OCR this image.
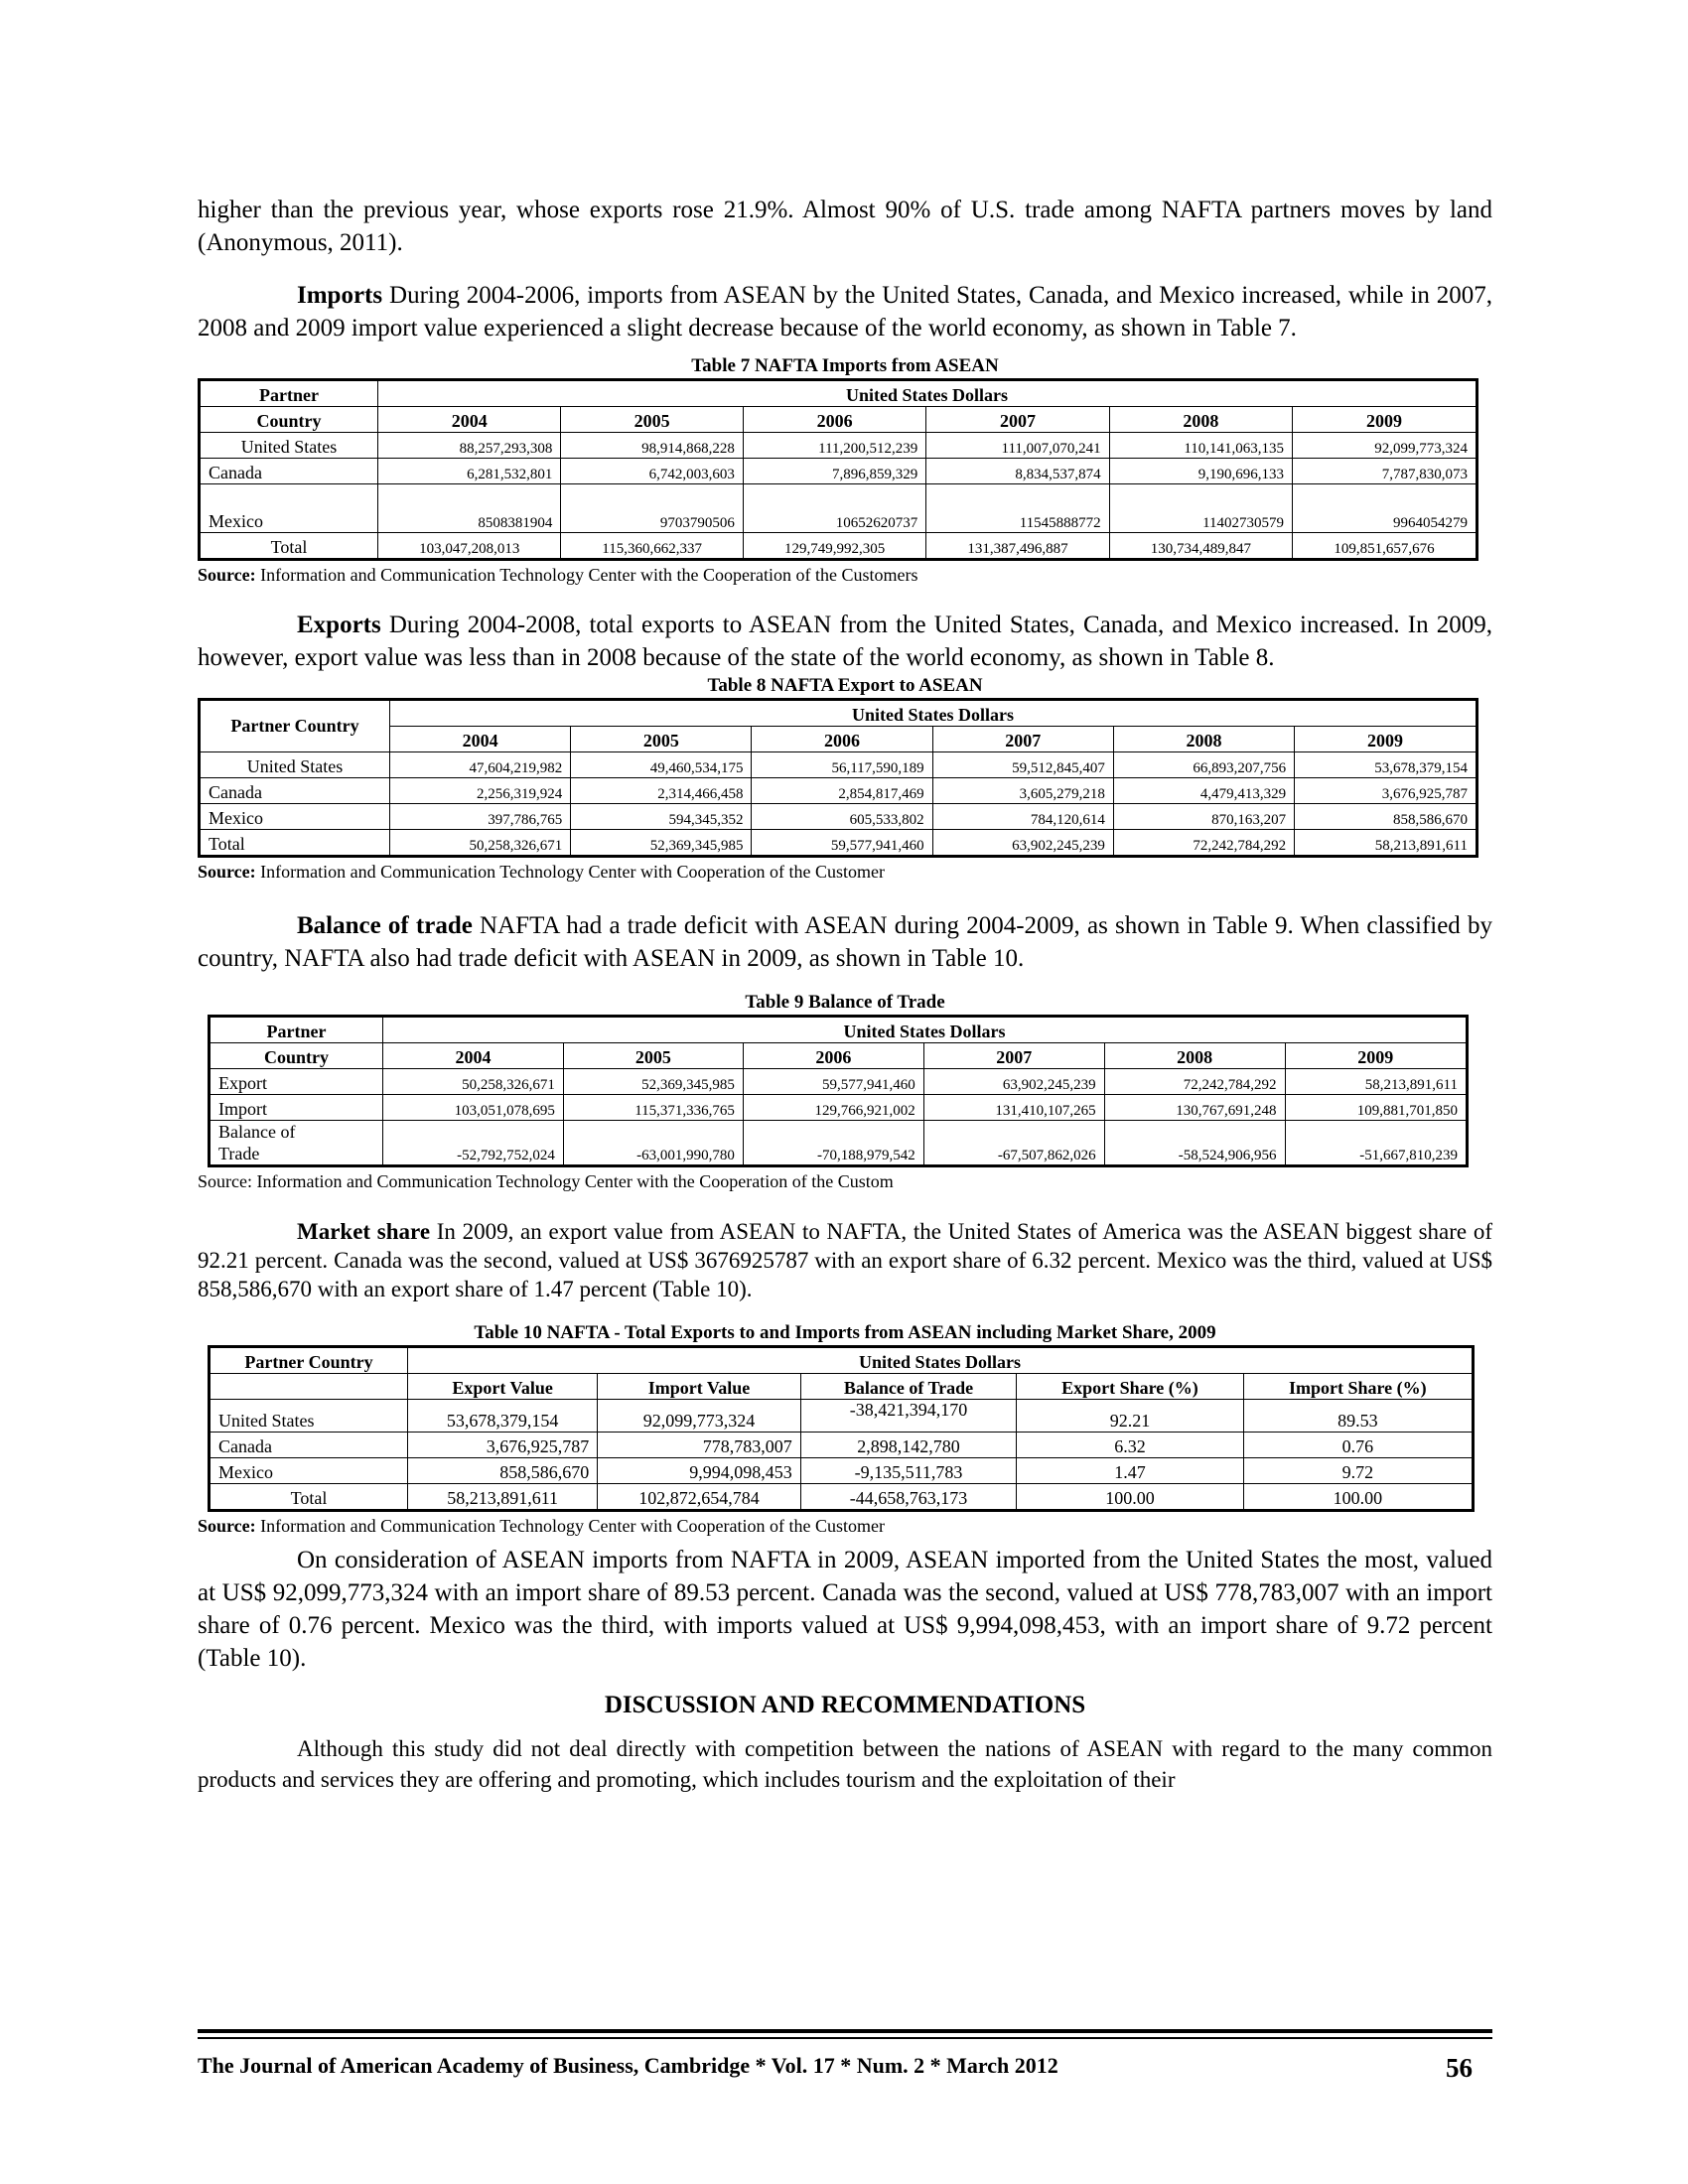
higher than the previous year, whose exports rose 21.9%. Almost 90% of U.S. trade among NAFTA partners moves by land (Anonymous, 2011).

Imports During 2004-2006, imports from ASEAN by the United States, Canada, and Mexico increased, while in 2007, 2008 and 2009 import value experienced a slight decrease because of the world economy, as shown in Table 7.

Table 7 NAFTA Imports from ASEAN

Partner	United States Dollars					
Country	2004	2005	2006	2007	2008	2009
United States	88,257,293,308	98,914,868,228	111,200,512,239	111,007,070,241	110,141,063,135	92,099,773,324
Canada	6,281,532,801	6,742,003,603	7,896,859,329	8,834,537,874	9,190,696,133	7,787,830,073
Mexico	8508381904	9703790506	10652620737	11545888772	11402730579	9964054279
Total	103,047,208,013	115,360,662,337	129,749,992,305	131,387,496,887	130,734,489,847	109,851,657,676

Source: Information and Communication Technology Center with the Cooperation of the Customers

Exports During 2004-2008, total exports to ASEAN from the United States, Canada, and Mexico increased. In 2009, however, export value was less than in 2008 because of the state of the world economy, as shown in Table 8.

Table 8 NAFTA Export to ASEAN

Partner Country	United States Dollars					
	2004	2005	2006	2007	2008	2009
United States	47,604,219,982	49,460,534,175	56,117,590,189	59,512,845,407	66,893,207,756	53,678,379,154
Canada	2,256,319,924	2,314,466,458	2,854,817,469	3,605,279,218	4,479,413,329	3,676,925,787
Mexico	397,786,765	594,345,352	605,533,802	784,120,614	870,163,207	858,586,670
Total	50,258,326,671	52,369,345,985	59,577,941,460	63,902,245,239	72,242,784,292	58,213,891,611

Source: Information and Communication Technology Center with Cooperation of the Customer

Balance of trade NAFTA had a trade deficit with ASEAN during 2004-2009, as shown in Table 9. When classified by country, NAFTA also had trade deficit with ASEAN in 2009, as shown in Table 10.

Table 9 Balance of Trade

Partner	United States Dollars					
Country	2004	2005	2006	2007	2008	2009
Export	50,258,326,671	52,369,345,985	59,577,941,460	63,902,245,239	72,242,784,292	58,213,891,611
Import	103,051,078,695	115,371,336,765	129,766,921,002	131,410,107,265	130,767,691,248	109,881,701,850
Balance of
Trade	-52,792,752,024	-63,001,990,780	-70,188,979,542	-67,507,862,026	-58,524,906,956	-51,667,810,239

Source: Information and Communication Technology Center with the Cooperation of the Custom

Market share In 2009, an export value from ASEAN to NAFTA, the United States of America was the ASEAN biggest share of 92.21 percent. Canada was the second, valued at US$ 3676925787 with an export share of 6.32 percent. Mexico was the third, valued at US$ 858,586,670 with an export share of 1.47 percent (Table 10).

Table 10 NAFTA - Total Exports to and Imports from ASEAN including Market Share, 2009

Partner Country	United States Dollars				
	Export Value	Import Value	Balance of Trade	Export Share (%)	Import Share (%)
United States	53,678,379,154	92,099,773,324	-38,421,394,170	92.21	89.53
Canada	3,676,925,787	778,783,007	2,898,142,780	6.32	0.76
Mexico	858,586,670	9,994,098,453	-9,135,511,783	1.47	9.72
Total	58,213,891,611	102,872,654,784	-44,658,763,173	100.00	100.00

Source: Information and Communication Technology Center with Cooperation of the Customer

On consideration of ASEAN imports from NAFTA in 2009, ASEAN imported from the United States the most, valued at US$ 92,099,773,324 with an import share of 89.53 percent. Canada was the second, valued at US$ 778,783,007 with an import share of 0.76 percent. Mexico was the third, with imports valued at US$ 9,994,098,453, with an import share of 9.72 percent (Table 10).

DISCUSSION AND RECOMMENDATIONS

Although this study did not deal directly with competition between the nations of ASEAN with regard to the many common products and services they are offering and promoting, which includes tourism and the exploitation of their

The Journal of American Academy of Business, Cambridge * Vol. 17 * Num. 2 * March 2012	56
